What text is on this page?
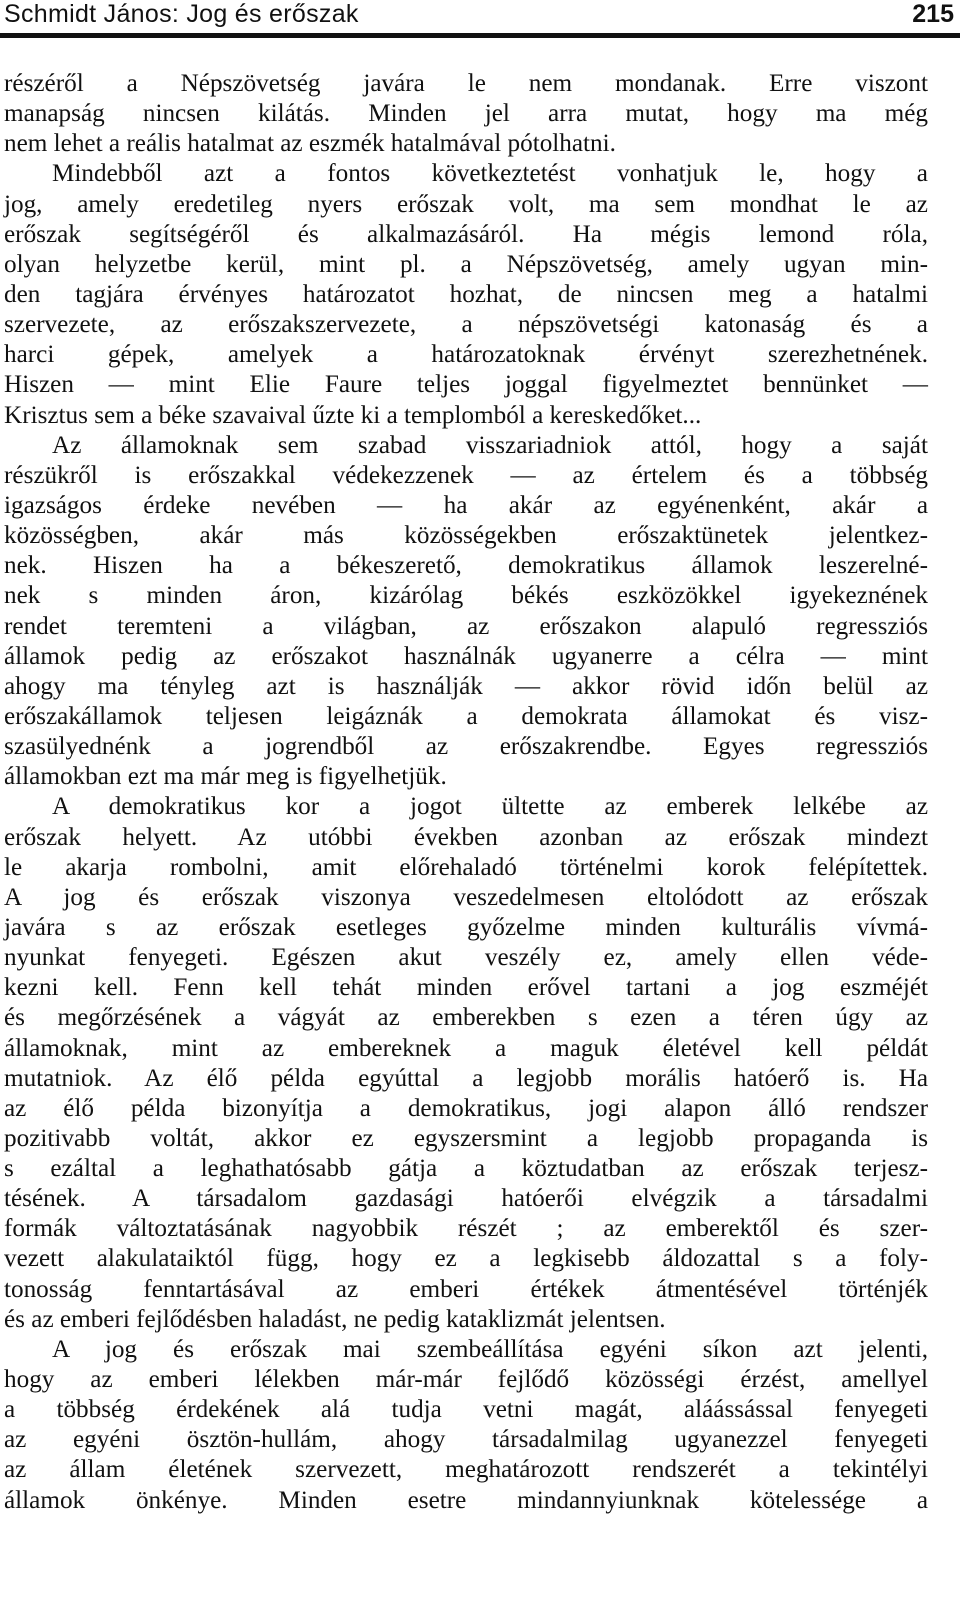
Schmidt János: Jog és erőszak	215
részéről a Népszövetség javára le nem mondanak. Erre viszont
manapság nincsen kilátás. Minden jel arra mutat, hogy ma még
nem lehet a reális hatalmat az eszmék hatalmával pótolhatni.
Mindebből azt a fontos következtetést vonhatjuk le, hogy a
jog, amely eredetileg nyers erőszak volt, ma sem mondhat le az
erőszak segítségéről és alkalmazásáról. Ha mégis lemond róla,
olyan helyzetbe kerül, mint pl. a Népszövetség, amely ugyan min-
den tagjára érvényes határozatot hozhat, de nincsen meg a hatalmi
szervezete, az erőszakszervezete, a népszövetségi katonaság és a
harci gépek, amelyek a határozatoknak érvényt szerezhetnének.
Hiszen — mint Elie Faure teljes joggal figyelmeztet bennünket —
Krisztus sem a béke szavaival űzte ki a templomból a kereskedőket...
Az államoknak sem szabad visszariadniok attól, hogy a saját
részükről is erőszakkal védekezzenek — az értelem és a többség
igazságos érdeke nevében — ha akár az egyénenként, akár a
közösségben, akár más közösségekben erőszaktünetek jelentkez-
nek. Hiszen ha a békeszerető, demokratikus államok leszerelné-
nek s minden áron, kizárólag békés eszközökkel igyekeznének
rendet teremteni a világban, az erőszakon alapuló regressziós
államok pedig az erőszakot használnák ugyanerre a célra — mint
ahogy ma tényleg azt is használják — akkor rövid időn belül az
erőszakállamok teljesen leigáznák a demokrata államokat és visz-
szasülyednénk a jogrendből az erőszakrendbe. Egyes regressziós
államokban ezt ma már meg is figyelhetjük.
A demokratikus kor a jogot ültette az emberek lelkébe az
erőszak helyett. Az utóbbi években azonban az erőszak mindezt
le akarja rombolni, amit előrehaladó történelmi korok felépítettek.
A jog és erőszak viszonya veszedelmesen eltolódott az erőszak
javára s az erőszak esetleges győzelme minden kulturális vívmá-
nyunkat fenyegeti. Egészen akut veszély ez, amely ellen véde-
kezni kell. Fenn kell tehát minden erővel tartani a jog eszméjét
és megőrzésének a vágyát az emberekben s ezen a téren úgy az
államoknak, mint az embereknek a maguk életével kell példát
mutatniok. Az élő példa egyúttal a legjobb morális hatóerő is. Ha
az élő példa bizonyítja a demokratikus, jogi alapon álló rendszer
pozitivabb voltát, akkor ez egyszersmint a legjobb propaganda is
s ezáltal a leghathatósabb gátja a köztudatban az erőszak terjesz-
tésének. A társadalom gazdasági hatóerői elvégzik a társadalmi
formák változtatásának nagyobbik részét ; az emberektől és szer-
vezett alakulataiktól függ, hogy ez a legkisebb áldozattal s a foly-
tonosság fenntartásával az emberi értékek átmentésével történjék
és az emberi fejlődésben haladást, ne pedig kataklizmát jelentsen.
A jog és erőszak mai szembeállítása egyéni síkon azt jelenti,
hogy az emberi lélekben már-már fejlődő közösségi érzést, amellyel
a többség érdekének alá tudja vetni magát, aláássással fenyegeti
az egyéni ösztön-hullám, ahogy társadalmilag ugyanezzel fenyegeti
az állam életének szervezett, meghatározott rendszerét a tekintélyi
államok önkénye. Minden esetre mindannyiunknak kötelessége a
